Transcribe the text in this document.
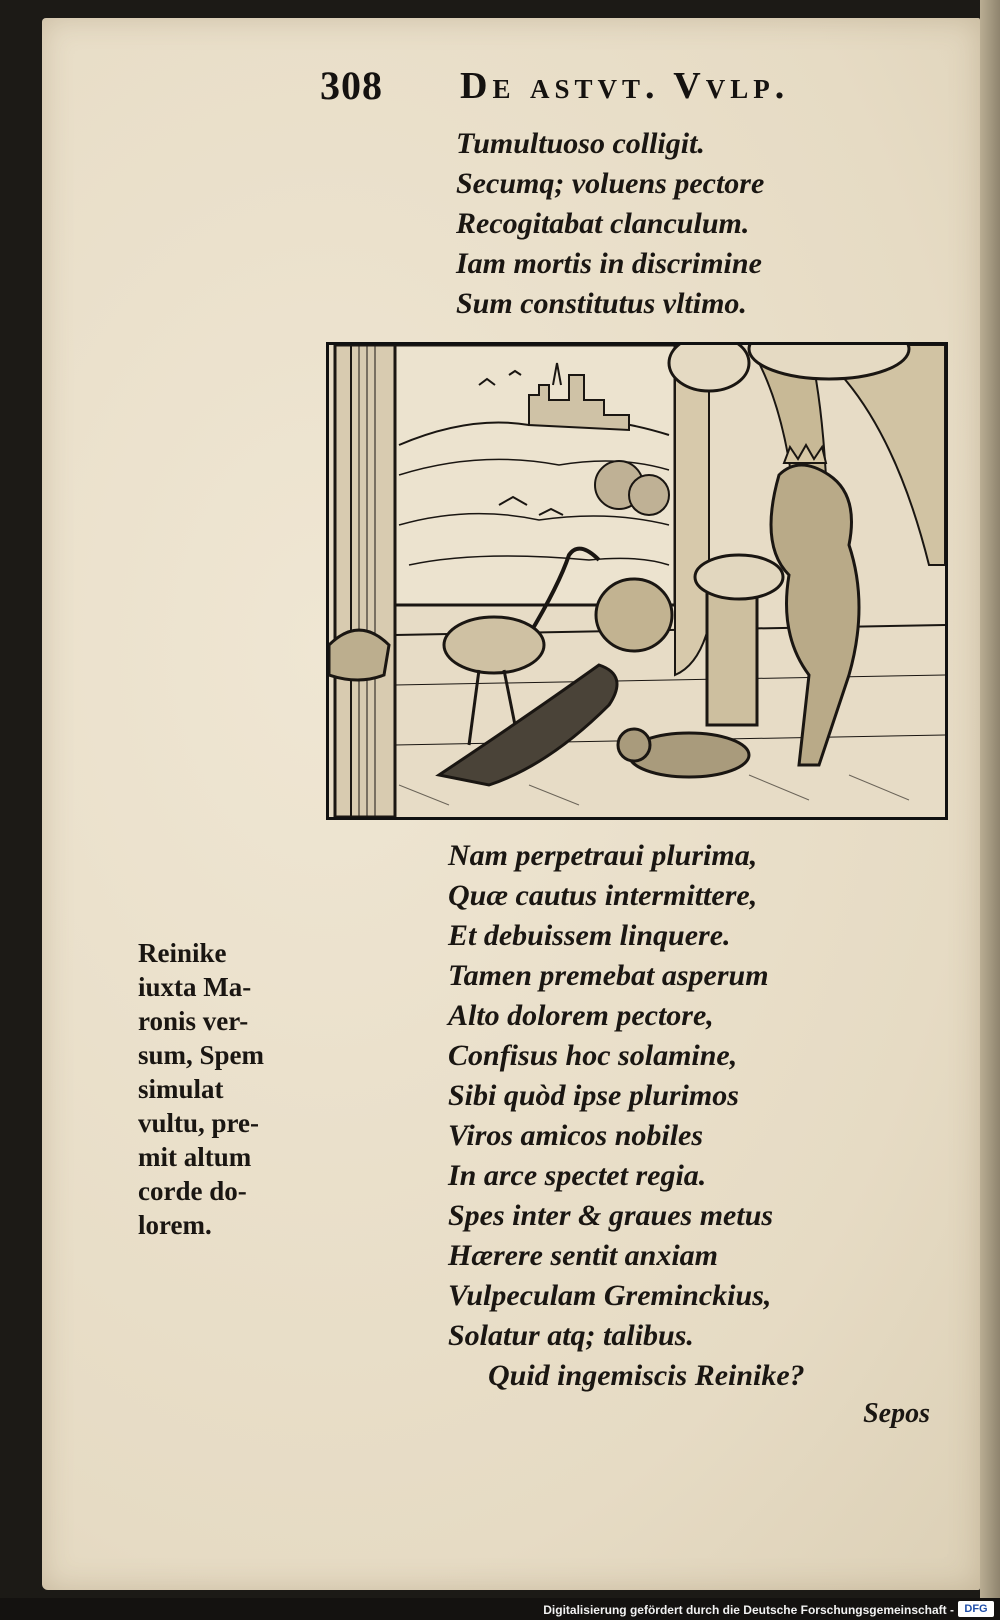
308 De astvt. Vvlp.
Tumultuoso colligit.
Secumq; voluens pectore
Recogitabat clanculum.
Iam mortis in discrimine
Sum constitutus vltimo.
Nam perpetraui plurima,
Quæ cautus intermittere,
Et debuissem linquere.
Tamen premebat asperum
Alto dolorem pectore,
Confisus hoc solamine,
Sibi quòd ipse plurimos
Viros amicos nobiles
In arce spectet regia.
Spes inter & graues metus
Hærere sentit anxiam
Vulpeculam Greminckius,
Solatur atq; talibus.
Quid ingemiscis Reinike?
Sepos
Reinike
iuxta Ma-
ronis ver-
sum, Spem
simulat
vultu, pre-
mit altum
corde do-
lorem.
Digitalisierung gefördert durch die Deutsche Forschungsgemeinschaft - DFG
